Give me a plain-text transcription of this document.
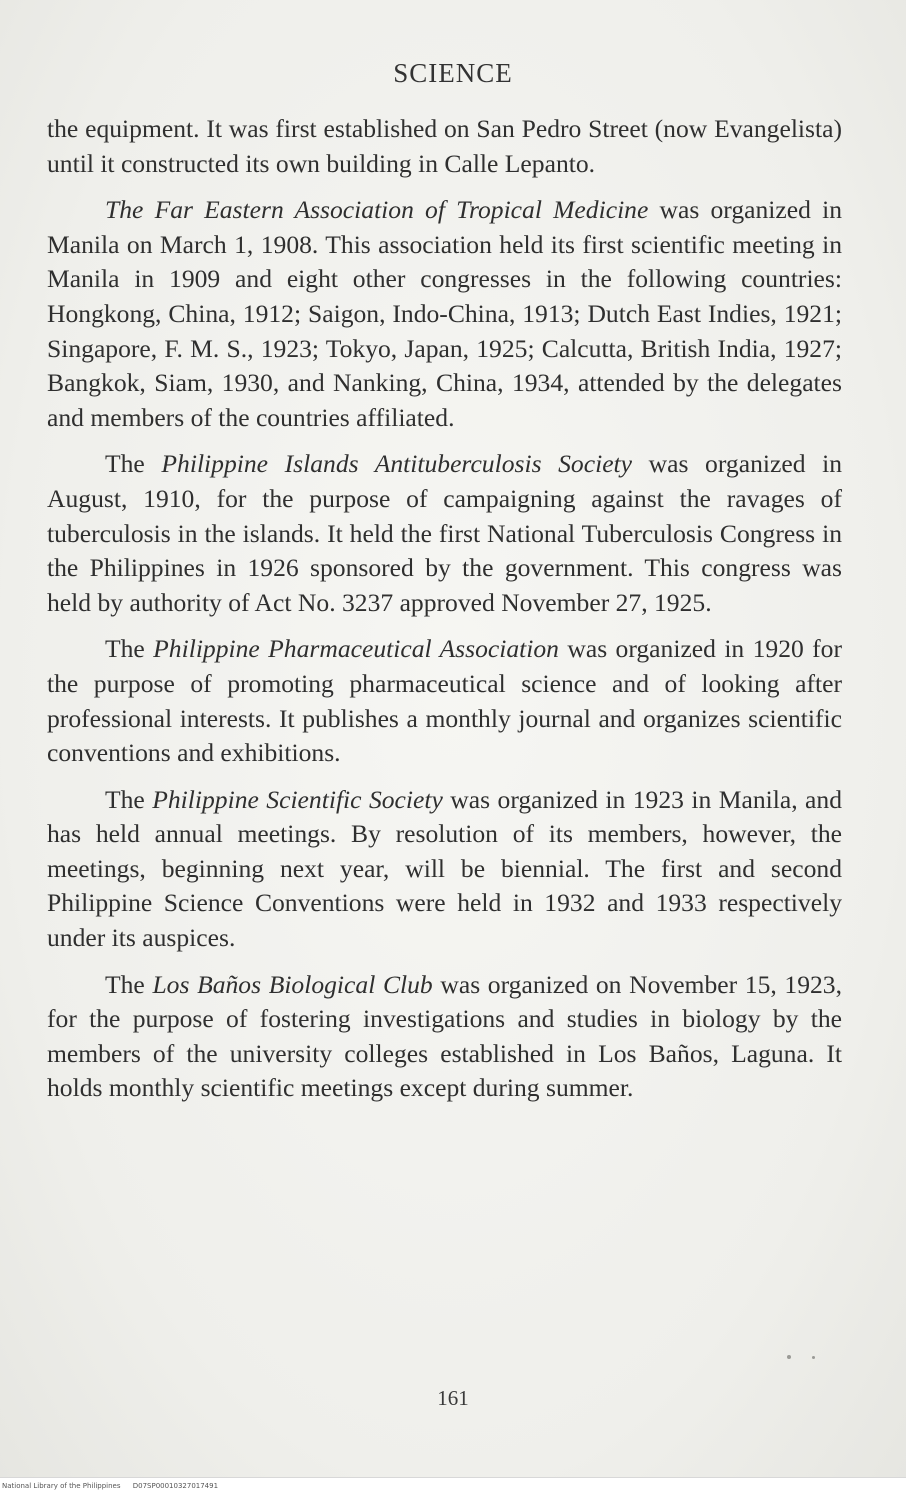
SCIENCE

the equipment. It was first established on San Pedro Street (now Evangelista) until it constructed its own building in Calle Lepanto.

The Far Eastern Association of Tropical Medicine was organized in Manila on March 1, 1908. This association held its first scientific meeting in Manila in 1909 and eight other congresses in the following countries: Hongkong, China, 1912; Saigon, Indo-China, 1913; Dutch East Indies, 1921; Singapore, F. M. S., 1923; Tokyo, Japan, 1925; Calcutta, British India, 1927; Bangkok, Siam, 1930, and Nanking, China, 1934, attended by the delegates and members of the countries affiliated.

The Philippine Islands Antituberculosis Society was organized in August, 1910, for the purpose of campaigning against the ravages of tuberculosis in the islands. It held the first National Tuberculosis Congress in the Philippines in 1926 sponsored by the government. This congress was held by authority of Act No. 3237 approved November 27, 1925.

The Philippine Pharmaceutical Association was organized in 1920 for the purpose of promoting pharmaceutical science and of looking after professional interests. It publishes a monthly journal and organizes scientific conventions and exhibitions.

The Philippine Scientific Society was organized in 1923 in Manila, and has held annual meetings. By resolution of its members, however, the meetings, beginning next year, will be biennial. The first and second Philippine Science Conventions were held in 1932 and 1933 respectively under its auspices.

The Los Baños Biological Club was organized on November 15, 1923, for the purpose of fostering investigations and studies in biology by the members of the university colleges established in Los Baños, Laguna. It holds monthly scientific meetings except during summer.

161
National Library of the Philippines D07SP00010327017491
